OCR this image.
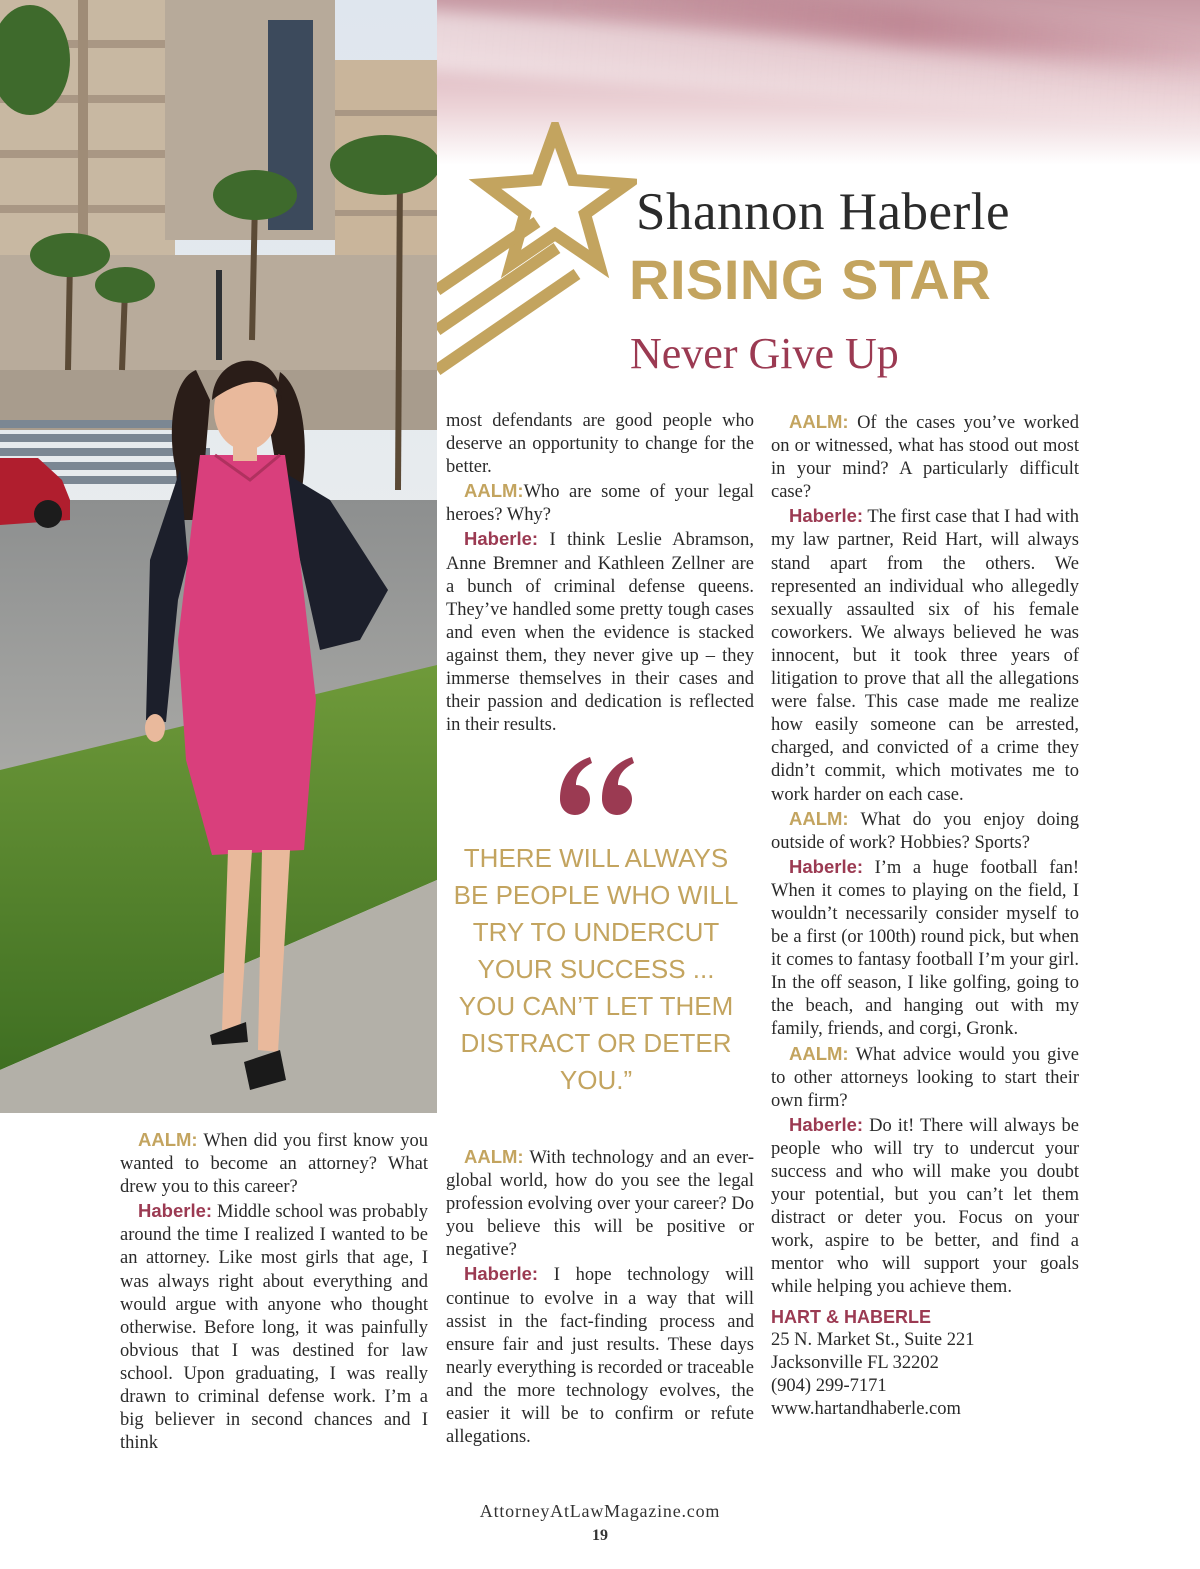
Shannon Haberle
RISING STAR
Never Give Up

AALM: When did you first know you wanted to become an attorney? What drew you to this career?

Haberle: Middle school was probably around the time I realized I wanted to be an attorney. Like most girls that age, I was always right about everything and would argue with anyone who thought otherwise. Before long, it was painfully obvious that I was destined for law school. Upon graduating, I was really drawn to criminal defense work. I’m a big believer in second chances and I think

most defendants are good people who deserve an opportunity to change for the better.

AALM:Who are some of your legal heroes? Why?

Haberle: I think Leslie Abramson, Anne Bremner and Kathleen Zellner are a bunch of criminal defense queens. They’ve handled some pretty tough cases and even when the evidence is stacked against them, they never give up – they immerse themselves in their cases and their passion and dedication is reflected in their results.

THERE WILL ALWAYS BE PEOPLE WHO WILL TRY TO UNDERCUT YOUR SUCCESS ... YOU CAN’T LET THEM DISTRACT OR DETER YOU.”

AALM: With technology and an ever-global world, how do you see the legal profession evolving over your career? Do you believe this will be positive or negative?

Haberle: I hope technology will continue to evolve in a way that will assist in the fact-finding process and ensure fair and just results. These days nearly everything is recorded or traceable and the more technology evolves, the easier it will be to confirm or refute allegations.

AALM: Of the cases you’ve worked on or witnessed, what has stood out most in your mind? A particularly difficult case?

Haberle: The first case that I had with my law partner, Reid Hart, will always stand apart from the others. We represented an individual who allegedly sexually assaulted six of his female coworkers. We always believed he was innocent, but it took three years of litigation to prove that all the allegations were false. This case made me realize how easily someone can be arrested, charged, and convicted of a crime they didn’t commit, which motivates me to work harder on each case.

AALM: What do you enjoy doing outside of work? Hobbies? Sports?

Haberle: I’m a huge football fan! When it comes to playing on the field, I wouldn’t necessarily consider myself to be a first (or 100th) round pick, but when it comes to fantasy football I’m your girl. In the off season, I like golfing, going to the beach, and hanging out with my family, friends, and corgi, Gronk.

AALM: What advice would you give to other attorneys looking to start their own firm?

Haberle: Do it! There will always be people who will try to undercut your success and who will make you doubt your potential, but you can’t let them distract or deter you. Focus on your work, aspire to be better, and find a mentor who will support your goals while helping you achieve them.

HART & HABERLE
25 N. Market St., Suite 221
Jacksonville FL 32202
(904) 299-7171
www.hartandhaberle.com
AttorneyAtLawMagazine.com
19
